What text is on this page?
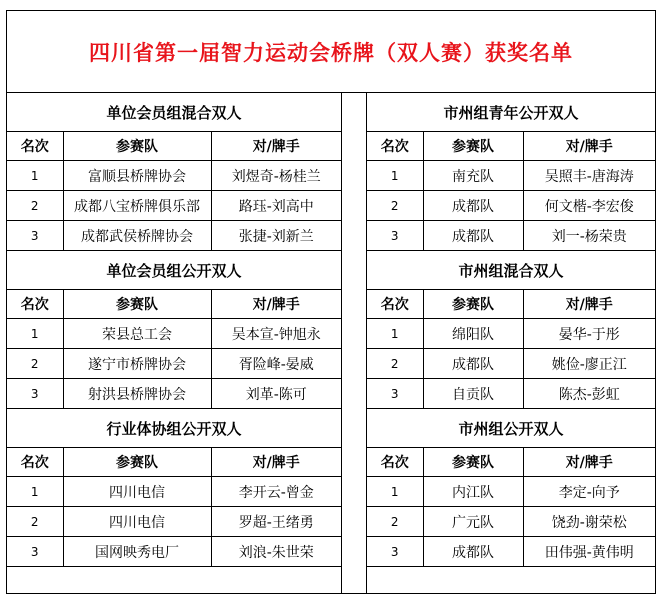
四川省第一届智力运动会桥牌（双人赛）获奖名单
单位会员组混合双人		
名次	参赛队	对/牌手
1	富顺县桥牌协会	刘煜奇-杨桂兰
2	成都八宝桥牌俱乐部	路珏-刘高中
3	成都武侯桥牌协会	张捷-刘新兰
单位会员组公开双人		
名次	参赛队	对/牌手
1	荣县总工会	吴本宣-钟旭永
2	遂宁市桥牌协会	胥险峰-晏威
3	射洪县桥牌协会	刘革-陈可
行业体协组公开双人		
名次	参赛队	对/牌手
1	四川电信	李开云-曾金
2	四川电信	罗超-王绪勇
3	国网映秀电厂	刘浪-朱世荣
市州组青年公开双人		
名次	参赛队	对/牌手
1	南充队	吴照丰-唐海涛
2	成都队	何文楷-李宏俊
3	成都队	刘一-杨荣贵
市州组混合双人		
名次	参赛队	对/牌手
1	绵阳队	晏华-于彤
2	成都队	姚俭-廖正江
3	自贡队	陈杰-彭虹
市州组公开双人		
名次	参赛队	对/牌手
1	内江队	李定-向予
2	广元队	饶劲-谢荣松
3	成都队	田伟强-黄伟明
